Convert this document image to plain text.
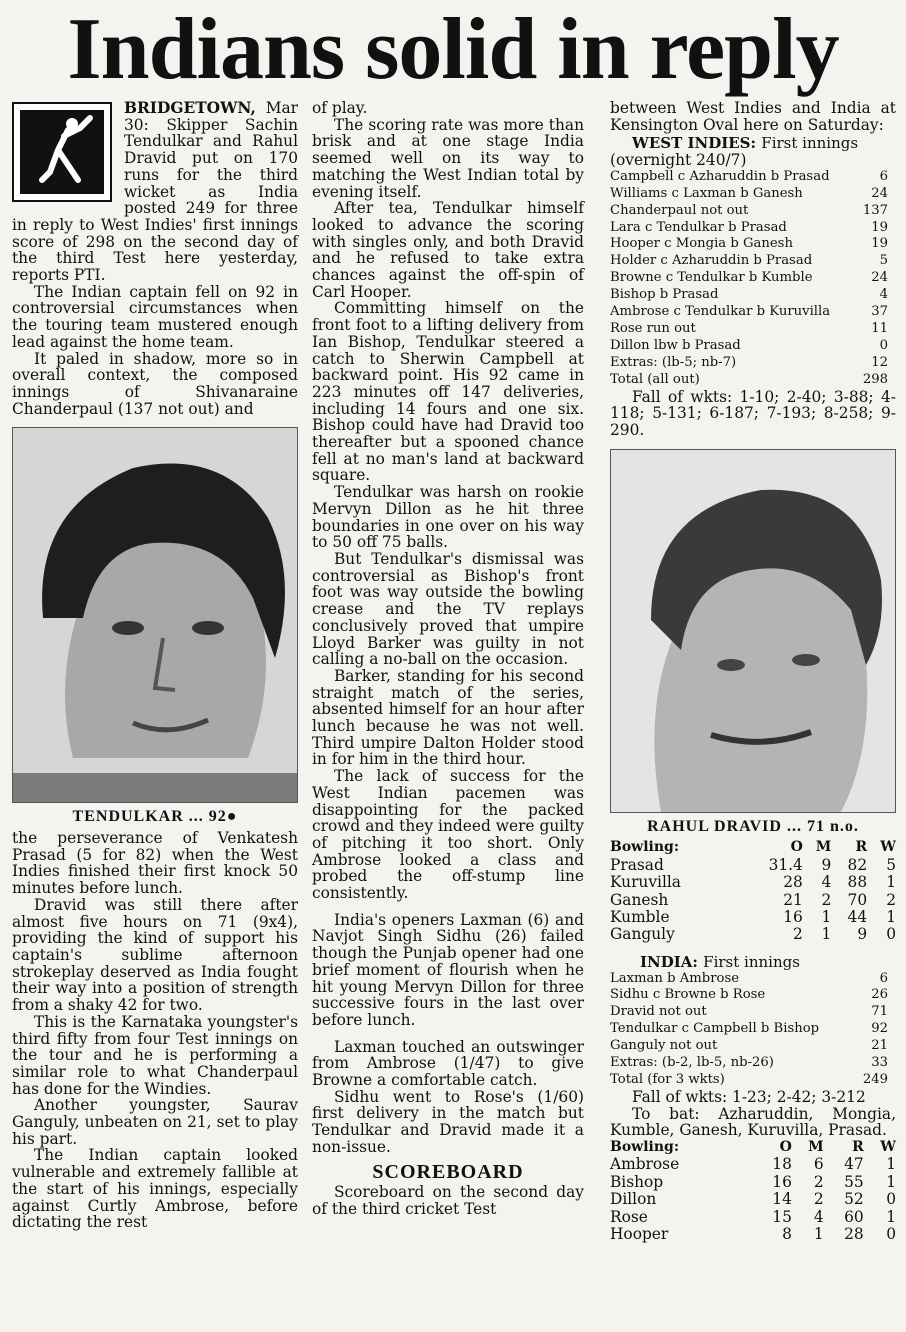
Indians solid in reply

BRIDGETOWN, Mar 30: Skipper Sachin Tendulkar and Rahul Dravid put on 170 runs for the third wicket as India posted 249 for three in reply to West Indies' first innings score of 298 on the second day of the third Test here yesterday, reports PTI.

The Indian captain fell on 92 in controversial circumstances when the touring team mustered enough lead against the home team.

It paled in shadow, more so in overall context, the composed innings of Shivanaraine Chanderpaul (137 not out) and

TENDULKAR ... 92●

the perseverance of Venkatesh Prasad (5 for 82) when the West Indies finished their first knock 50 minutes before lunch.

Dravid was still there after almost five hours on 71 (9x4), providing the kind of support his captain's sublime afternoon strokeplay deserved as India fought their way into a position of strength from a shaky 42 for two.

This is the Karnataka youngster's third fifty from four Test innings on the tour and he is performing a similar role to what Chanderpaul has done for the Windies.

Another youngster, Saurav Ganguly, unbeaten on 21, set to play his part.

The Indian captain looked vulnerable and extremely fallible at the start of his innings, especially against Curtly Ambrose, before dictating the rest

of play.

The scoring rate was more than brisk and at one stage India seemed well on its way to matching the West Indian total by evening itself.

After tea, Tendulkar himself looked to advance the scoring with singles only, and both Dravid and he refused to take extra chances against the off-spin of Carl Hooper.

Committing himself on the front foot to a lifting delivery from Ian Bishop, Tendulkar steered a catch to Sherwin Campbell at backward point. His 92 came in 223 minutes off 147 deliveries, including 14 fours and one six. Bishop could have had Dravid too thereafter but a spooned chance fell at no man's land at backward square.

Tendulkar was harsh on rookie Mervyn Dillon as he hit three boundaries in one over on his way to 50 off 75 balls.

But Tendulkar's dismissal was controversial as Bishop's front foot was way outside the bowling crease and the TV replays conclusively proved that umpire Lloyd Barker was guilty in not calling a no-ball on the occasion.

Barker, standing for his second straight match of the series, absented himself for an hour after lunch because he was not well. Third umpire Dalton Holder stood in for him in the third hour.

The lack of success for the West Indian pacemen was disappointing for the packed crowd and they indeed were guilty of pitching it too short. Only Ambrose looked a class and probed the off-stump line consistently.

India's openers Laxman (6) and Navjot Singh Sidhu (26) failed though the Punjab opener had one brief moment of flourish when he hit young Mervyn Dillon for three successive fours in the last over before lunch.

Laxman touched an outswinger from Ambrose (1/47) to give Browne a comfortable catch.

Sidhu went to Rose's (1/60) first delivery in the match but Tendulkar and Dravid made it a non-issue.

SCOREBOARD

Scoreboard on the second day of the third cricket Test

between West Indies and India at Kensington Oval here on Saturday:

WEST INDIES: First innings
(overnight 240/7)
Campbell c Azharuddin b Prasad	6
Williams c Laxman b Ganesh	24
Chanderpaul not out	137
Lara c Tendulkar b Prasad	19
Hooper c Mongia b Ganesh	19
Holder c Azharuddin b Prasad	5
Browne c Tendulkar b Kumble	24
Bishop b Prasad	4
Ambrose c Tendulkar b Kuruvilla	37
Rose run out	11
Dillon lbw b Prasad	0
Extras: (lb-5; nb-7)	12
Total (all out)	298

Fall of wkts: 1-10; 2-40; 3-88; 4-118; 5-131; 6-187; 7-193; 8-258; 9-290.

RAHUL DRAVID ... 71 n.o.
Bowling:	O	M	R	W
Prasad	31.4	9	82	5
Kuruvilla	28	4	88	1
Ganesh	21	2	70	2
Kumble	16	1	44	1
Ganguly	2	1	9	0
INDIA: First innings
Laxman b Ambrose	6
Sidhu c Browne b Rose	26
Dravid not out	71
Tendulkar c Campbell b Bishop	92
Ganguly not out	21
Extras: (b-2, lb-5, nb-26)	33
Total (for 3 wkts)	249

Fall of wkts: 1-23; 2-42; 3-212

To bat: Azharuddin, Mongia, Kumble, Ganesh, Kuruvilla, Prasad.

Bowling:	O	M	R	W
Ambrose	18	6	47	1
Bishop	16	2	55	1
Dillon	14	2	52	0
Rose	15	4	60	1
Hooper	8	1	28	0
